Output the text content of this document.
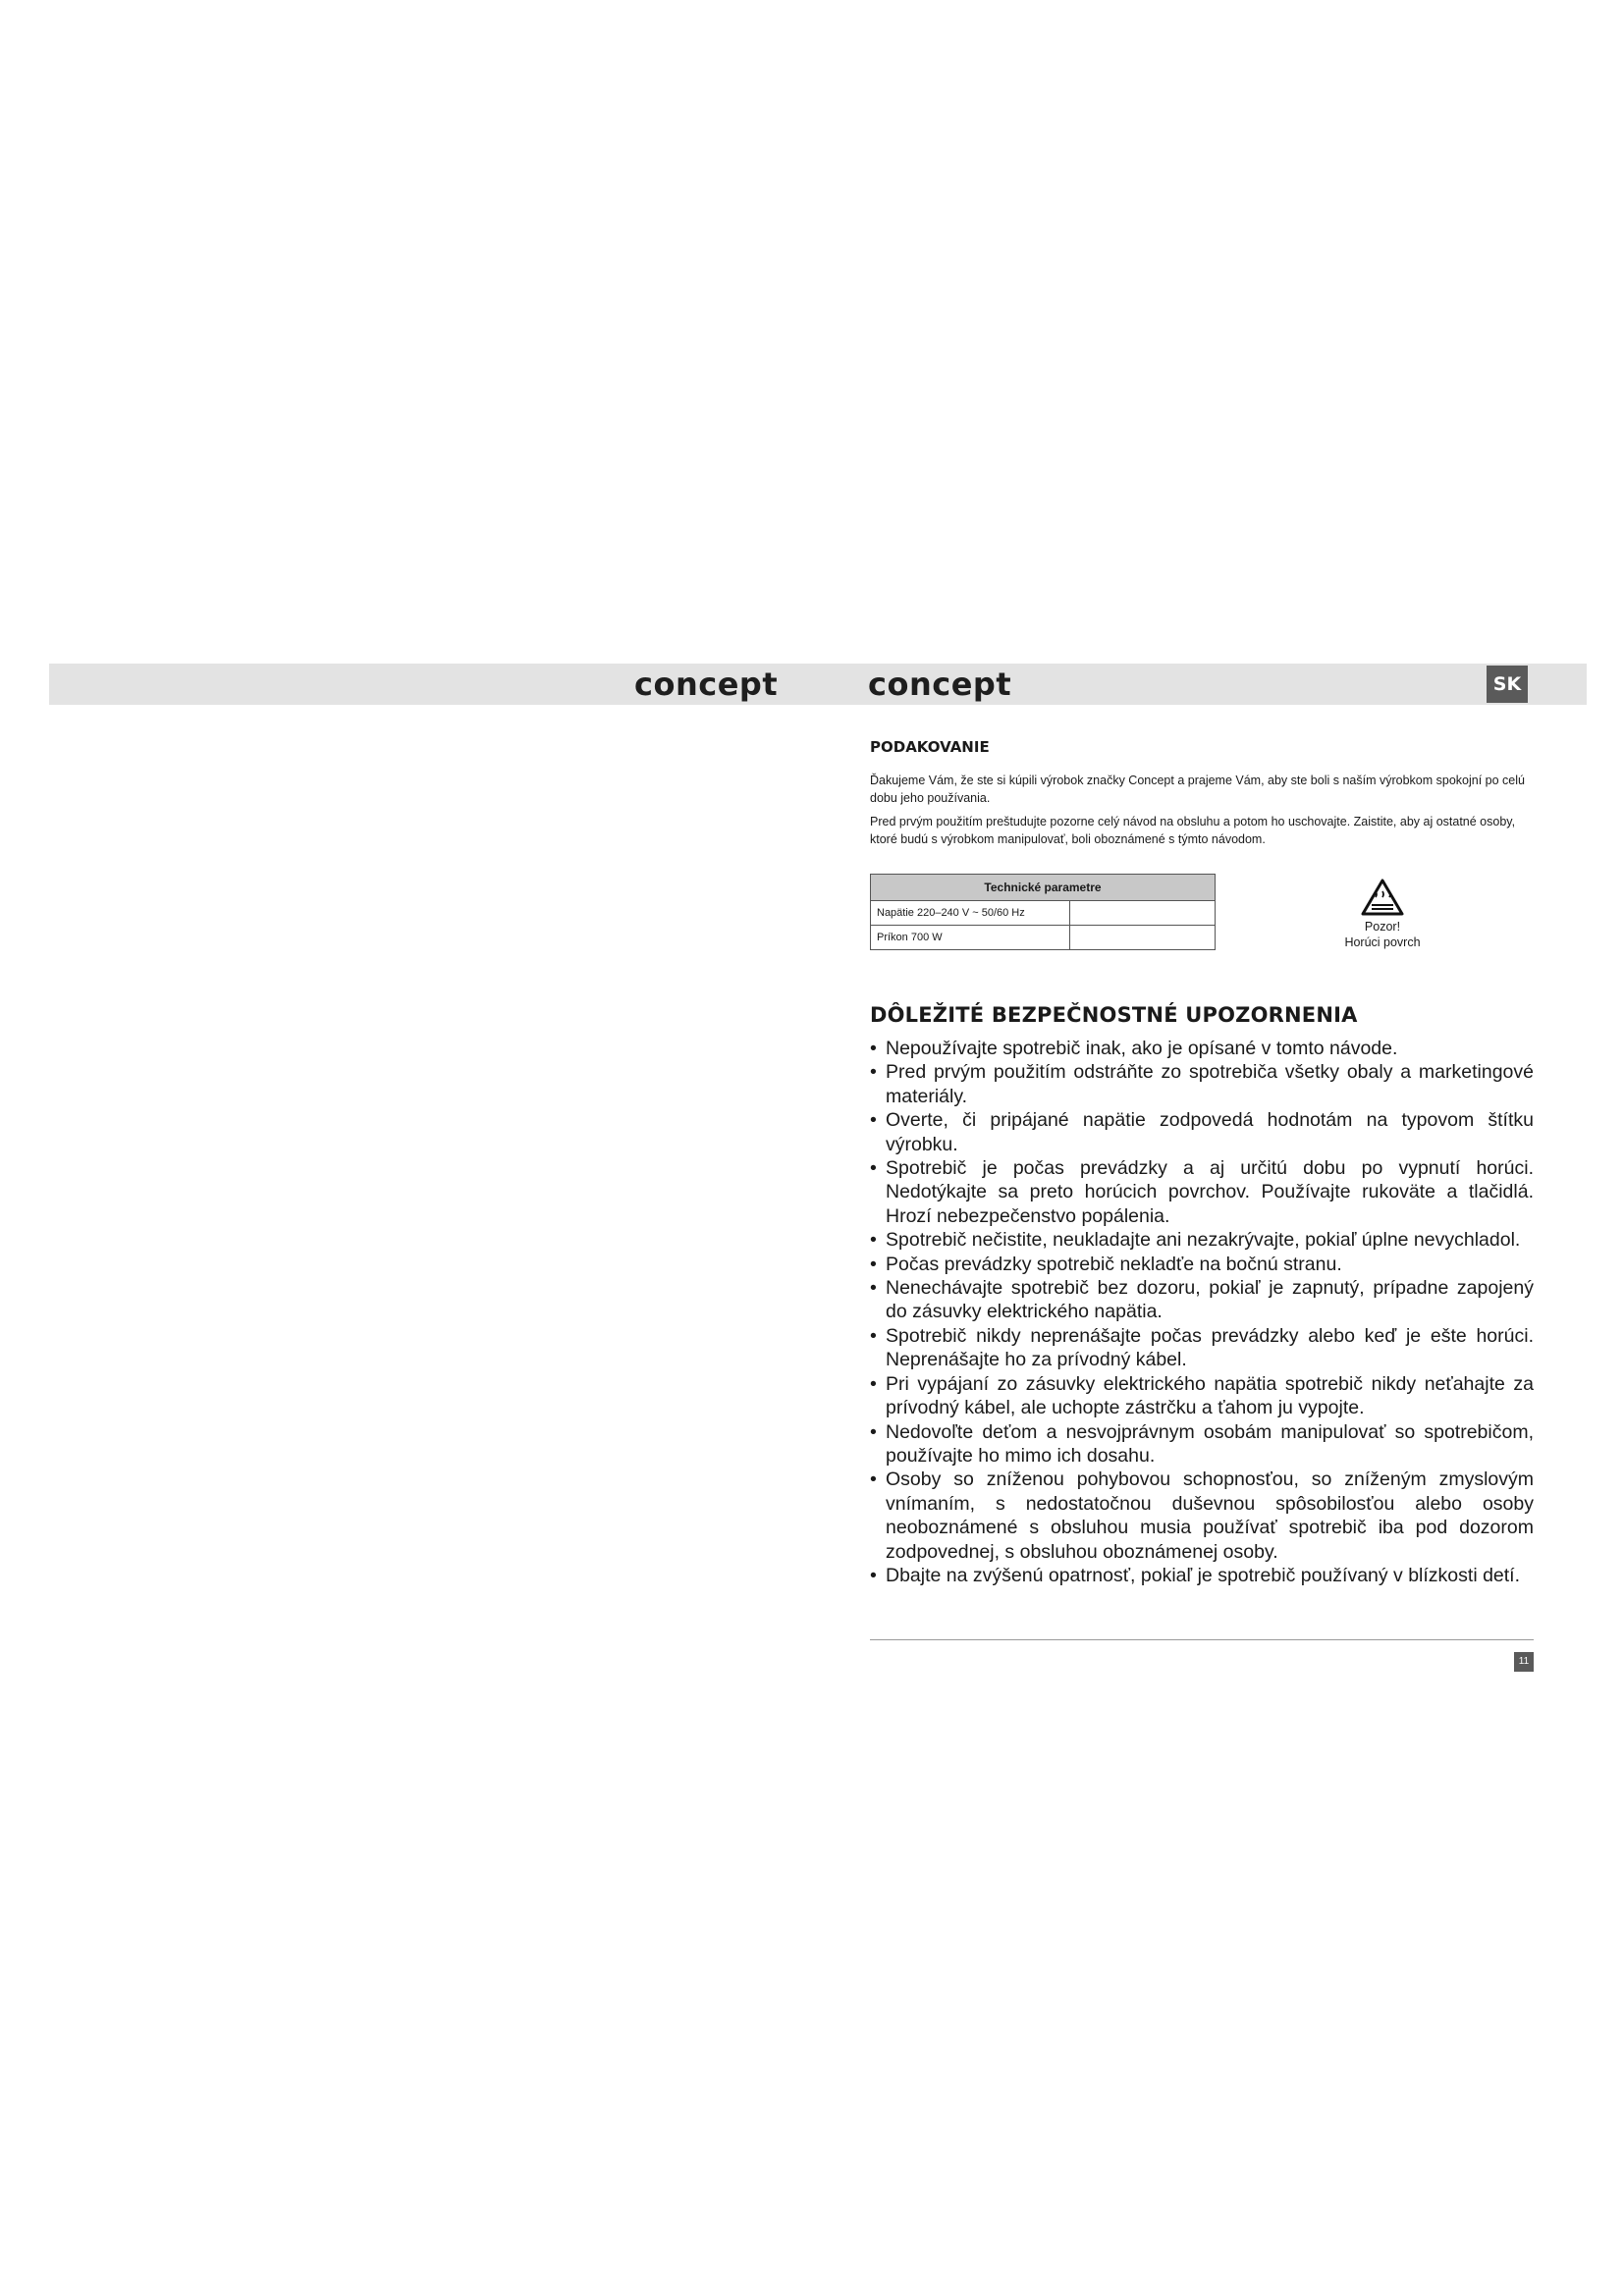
concept	concept	SK
PODAKOVANIE

Ďakujeme Vám, že ste si kúpili výrobok značky Concept a prajeme Vám, aby ste boli s naším výrobkom spokojní po celú dobu jeho používania.

Pred prvým použitím preštudujte pozorne celý návod na obsluhu a potom ho uschovajte. Zaistite, aby aj ostatné osoby, ktoré budú s výrobkom manipulovať, boli oboznámené s týmto návodom.

Technické parametre	
Napätie 220–240 V ~ 50/60 Hz	
Príkon 700 W	
Pozor!
Horúci povrch
DÔLEŽITÉ BEZPEČNOSTNÉ UPOZORNENIA
• Nepoužívajte spotrebič inak, ako je opísané v tomto návode.
• Pred prvým použitím odstráňte zo spotrebiča všetky obaly a marketingové materiály.
• Overte, či pripájané napätie zodpovedá hodnotám na typovom štítku výrobku.
• Spotrebič je počas prevádzky a aj určitú dobu po vypnutí horúci. Nedotýkajte sa preto horúcich povrchov. Používajte rukoväte a tlačidlá. Hrozí nebezpečenstvo popálenia.
• Spotrebič nečistite, neukladajte ani nezakrývajte, pokiaľ úplne nevychladol.
• Počas prevádzky spotrebič nekladťe na bočnú stranu.
• Nenechávajte spotrebič bez dozoru, pokiaľ je zapnutý, prípadne zapojený do zásuvky elektrického napätia.
• Spotrebič nikdy neprenášajte počas prevádzky alebo keď je ešte horúci. Neprenášajte ho za prívodný kábel.
• Pri vypájaní zo zásuvky elektrického napätia spotrebič nikdy neťahajte za prívodný kábel, ale uchopte zástrčku a ťahom ju vypojte.
• Nedovoľte deťom a nesvojprávnym osobám manipulovať so spotrebičom, používajte ho mimo ich dosahu.
• Osoby so zníženou pohybovou schopnosťou, so zníženým zmyslovým vnímaním, s nedostatočnou duševnou spôsobilosťou alebo osoby neoboznámené s obsluhou musia používať spotrebič iba pod dozorom zodpovednej, s obsluhou oboznámenej osoby.
• Dbajte na zvýšenú opatrnosť, pokiaľ je spotrebič používaný v blízkosti detí.
11
